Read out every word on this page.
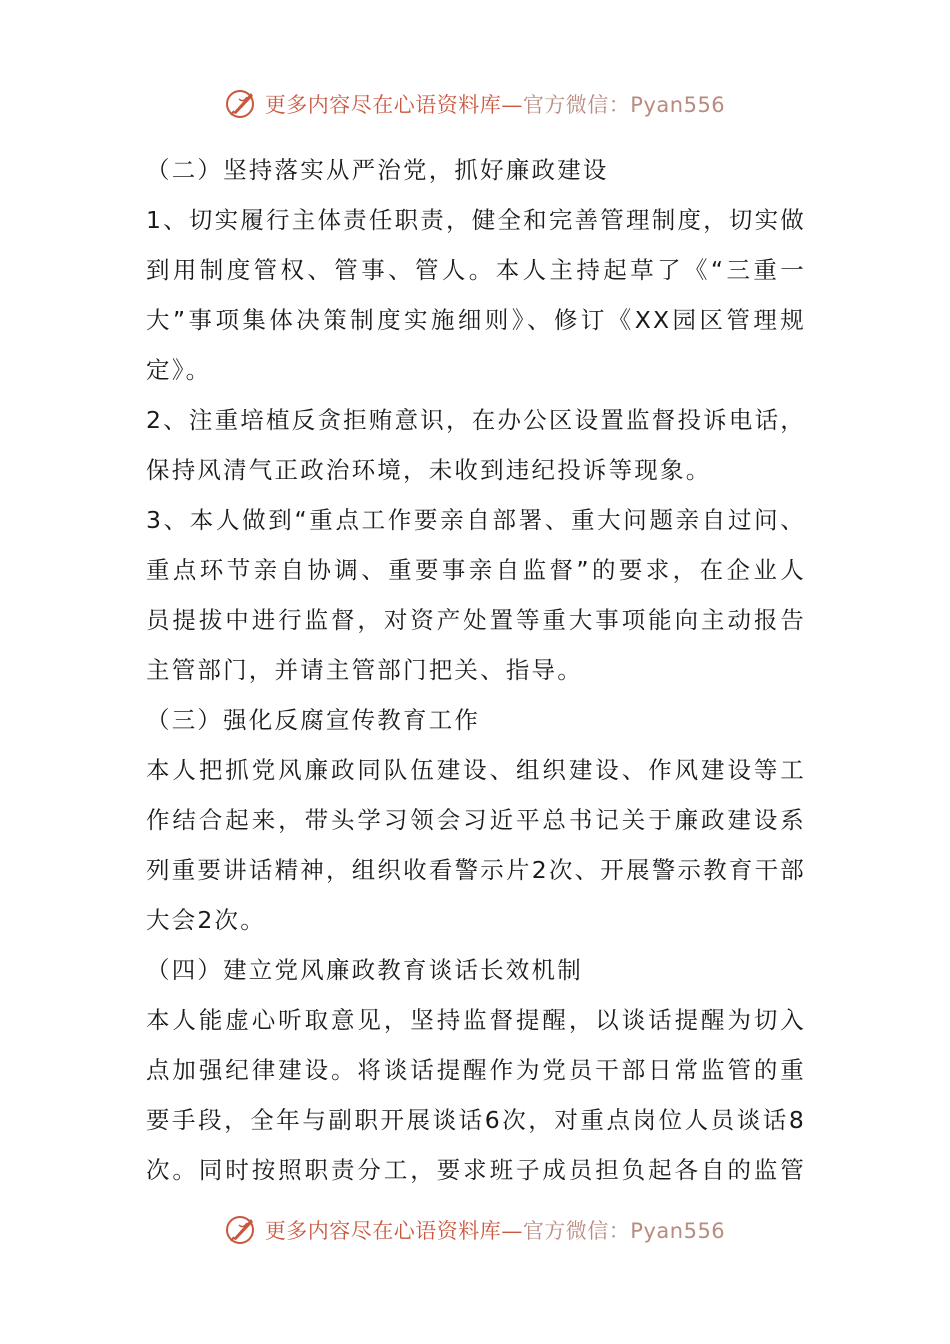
更多内容尽在心语资料库—官方微信：Pyan556
（二）坚持落实从严治党，抓好廉政建设
1、切实履行主体责任职责，健全和完善管理制度，切实做
到用制度管权、管事、管人。本人主持起草了《“三重一
大”事项集体决策制度实施细则》、修订《XX园区管理规
定》。
2、注重培植反贪拒贿意识，在办公区设置监督投诉电话，
保持风清气正政治环境，未收到违纪投诉等现象。
3、本人做到“重点工作要亲自部署、重大问题亲自过问、
重点环节亲自协调、重要事亲自监督”的要求，在企业人
员提拔中进行监督，对资产处置等重大事项能向主动报告
主管部门，并请主管部门把关、指导。
（三）强化反腐宣传教育工作
本人把抓党风廉政同队伍建设、组织建设、作风建设等工
作结合起来，带头学习领会习近平总书记关于廉政建设系
列重要讲话精神，组织收看警示片2次、开展警示教育干部
大会2次。
（四）建立党风廉政教育谈话长效机制
本人能虚心听取意见，坚持监督提醒，以谈话提醒为切入
点加强纪律建设。将谈话提醒作为党员干部日常监管的重
要手段，全年与副职开展谈话6次，对重点岗位人员谈话8
次。同时按照职责分工，要求班子成员担负起各自的监管
更多内容尽在心语资料库—官方微信：Pyan556
